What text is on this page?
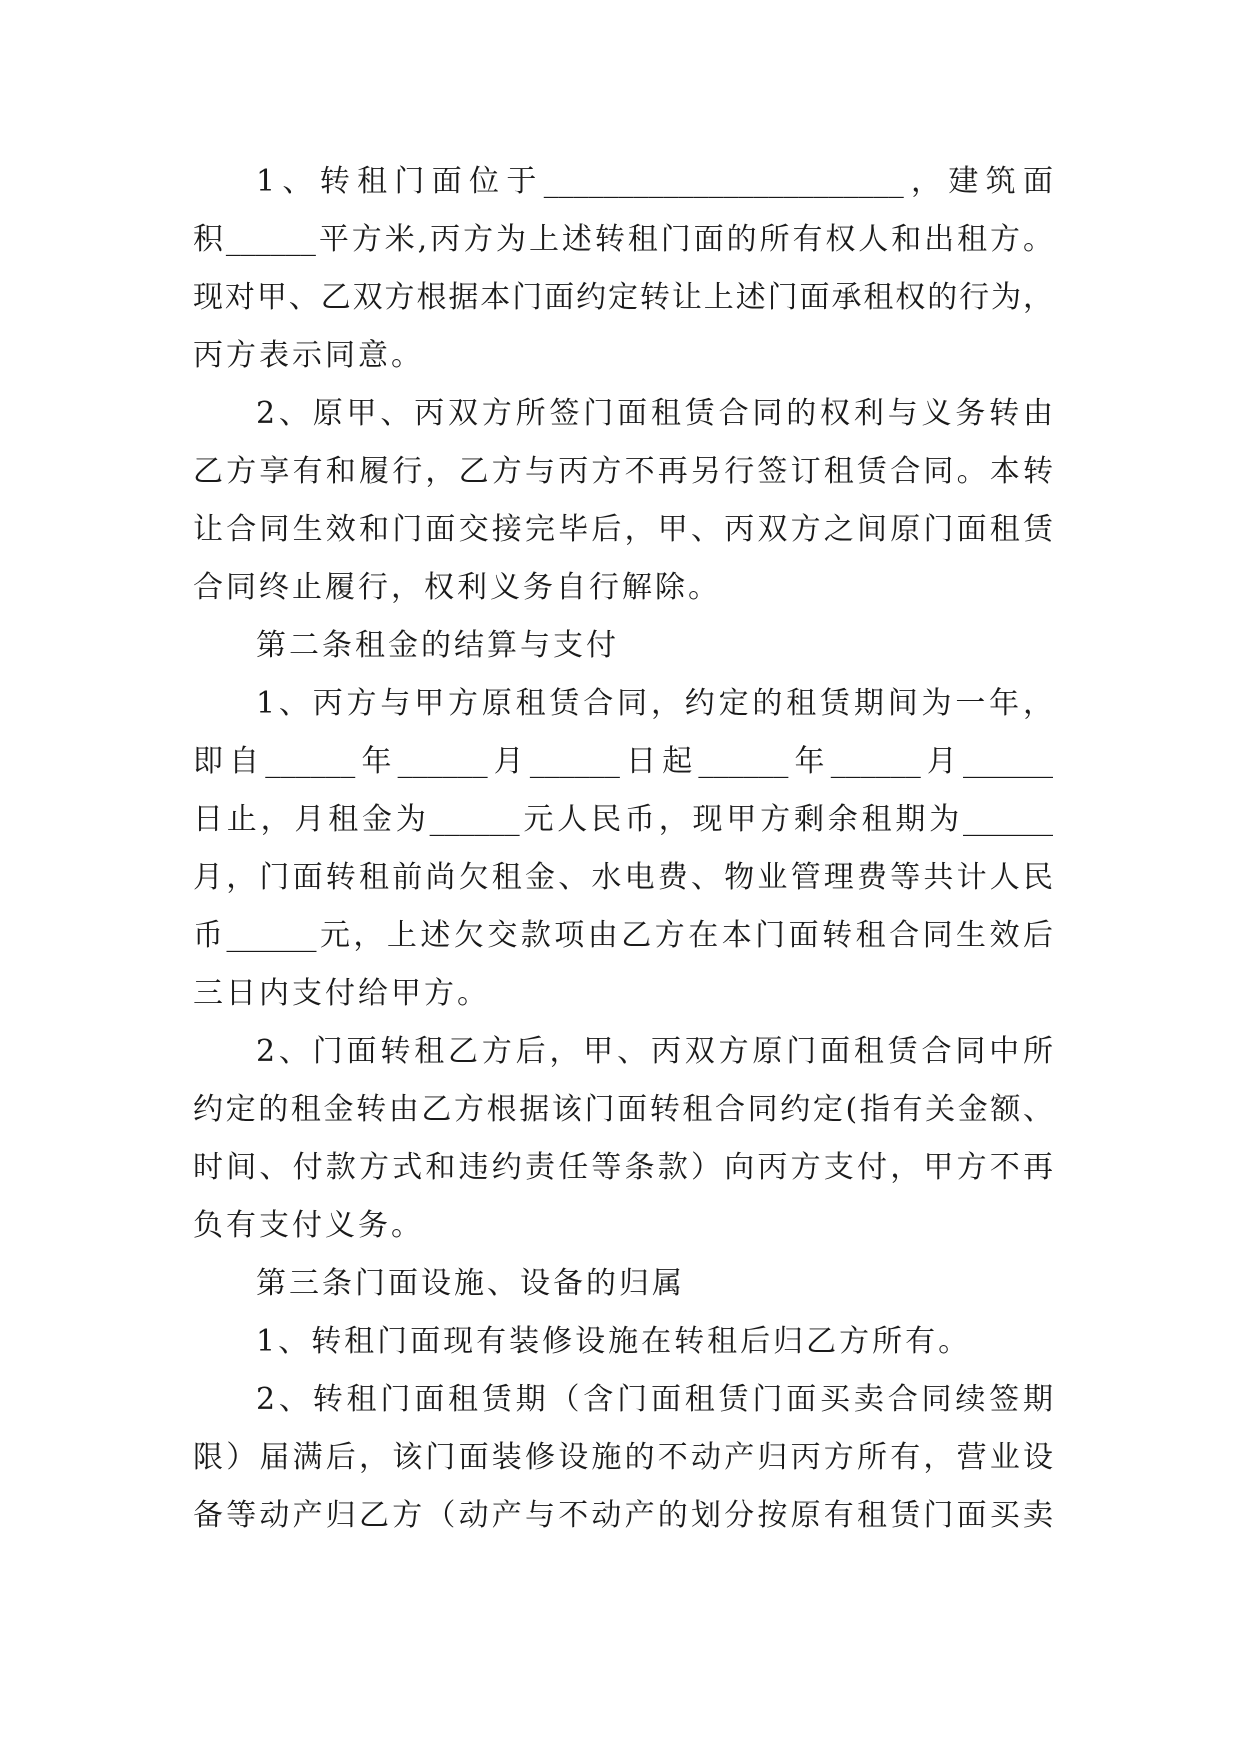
1、转租门面位于________________________，建筑面
积______平方米,丙方为上述转租门面的所有权人和出租方。
现对甲、乙双方根据本门面约定转让上述门面承租权的行为，
丙方表示同意。
2、原甲、丙双方所签门面租赁合同的权利与义务转由
乙方享有和履行，乙方与丙方不再另行签订租赁合同。本转
让合同生效和门面交接完毕后，甲、丙双方之间原门面租赁
合同终止履行，权利义务自行解除。
第二条租金的结算与支付
1、丙方与甲方原租赁合同，约定的租赁期间为一年，
即自______年______月______日起______年______月______
日止，月租金为______元人民币，现甲方剩余租期为______
月，门面转租前尚欠租金、水电费、物业管理费等共计人民
币______元，上述欠交款项由乙方在本门面转租合同生效后
三日内支付给甲方。
2、门面转租乙方后，甲、丙双方原门面租赁合同中所
约定的租金转由乙方根据该门面转租合同约定(指有关金额、
时间、付款方式和违约责任等条款）向丙方支付，甲方不再
负有支付义务。
第三条门面设施、设备的归属
1、转租门面现有装修设施在转租后归乙方所有。
2、转租门面租赁期（含门面租赁门面买卖合同续签期
限）届满后，该门面装修设施的不动产归丙方所有，营业设
备等动产归乙方（动产与不动产的划分按原有租赁门面买卖
